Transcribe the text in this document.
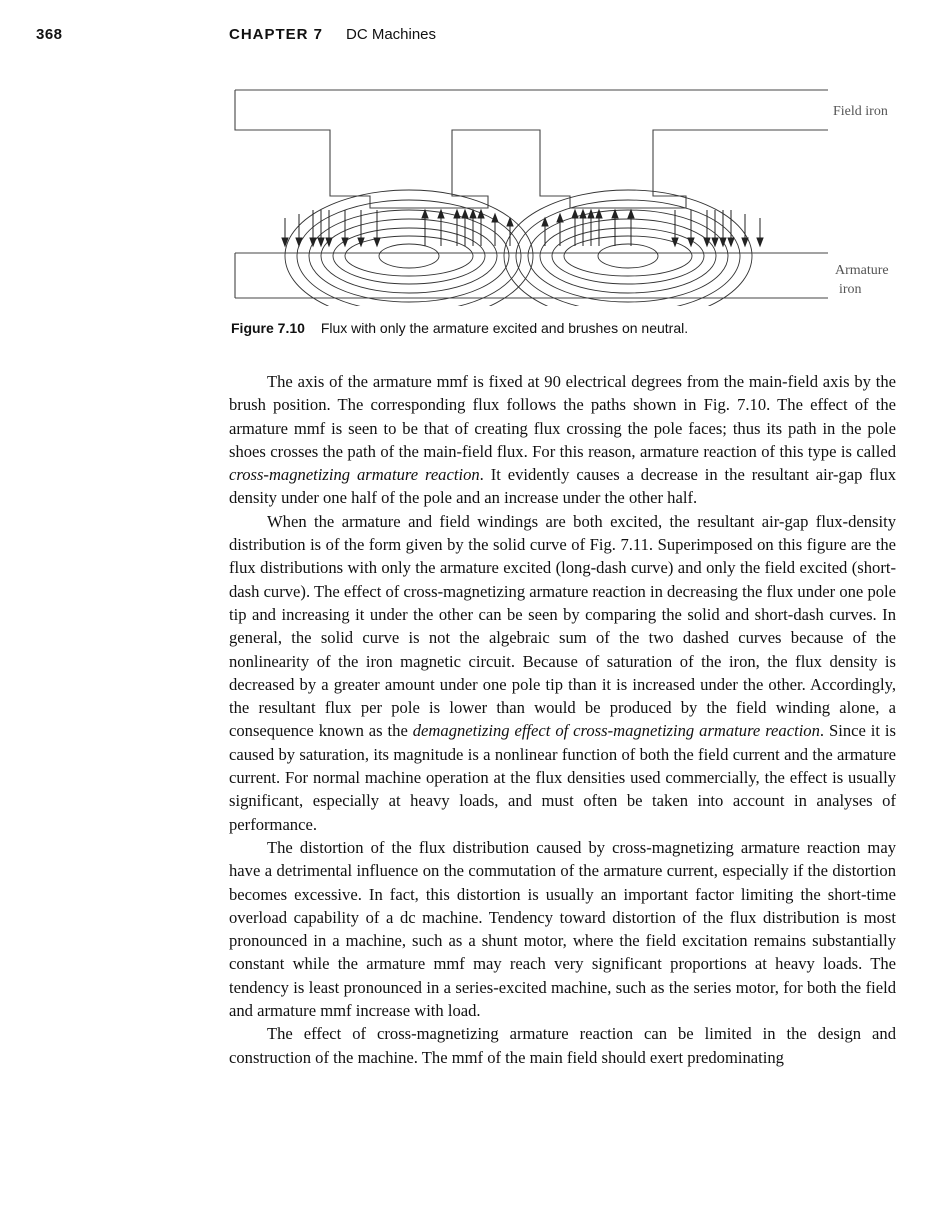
368	CHAPTER 7 DC Machines
Field iron
Armature
iron
Figure 7.10 Flux with only the armature excited and brushes on neutral.

The axis of the armature mmf is fixed at 90 electrical degrees from the main-field axis by the brush position. The corresponding flux follows the paths shown in Fig. 7.10. The effect of the armature mmf is seen to be that of creating flux crossing the pole faces; thus its path in the pole shoes crosses the path of the main-field flux. For this reason, armature reaction of this type is called cross-magnetizing armature reaction. It evidently causes a decrease in the resultant air-gap flux density under one half of the pole and an increase under the other half.

When the armature and field windings are both excited, the resultant air-gap flux-density distribution is of the form given by the solid curve of Fig. 7.11. Superimposed on this figure are the flux distributions with only the armature excited (long-dash curve) and only the field excited (short-dash curve). The effect of cross-magnetizing armature reaction in decreasing the flux under one pole tip and increasing it under the other can be seen by comparing the solid and short-dash curves. In general, the solid curve is not the algebraic sum of the two dashed curves because of the nonlinearity of the iron magnetic circuit. Because of saturation of the iron, the flux density is decreased by a greater amount under one pole tip than it is increased under the other. Accordingly, the resultant flux per pole is lower than would be produced by the field winding alone, a consequence known as the demagnetizing effect of cross-magnetizing armature reaction. Since it is caused by saturation, its magnitude is a nonlinear function of both the field current and the armature current. For normal machine operation at the flux densities used commercially, the effect is usually significant, especially at heavy loads, and must often be taken into account in analyses of performance.

The distortion of the flux distribution caused by cross-magnetizing armature reaction may have a detrimental influence on the commutation of the armature current, especially if the distortion becomes excessive. In fact, this distortion is usually an important factor limiting the short-time overload capability of a dc machine. Tendency toward distortion of the flux distribution is most pronounced in a machine, such as a shunt motor, where the field excitation remains substantially constant while the armature mmf may reach very significant proportions at heavy loads. The tendency is least pronounced in a series-excited machine, such as the series motor, for both the field and armature mmf increase with load.

The effect of cross-magnetizing armature reaction can be limited in the design and construction of the machine. The mmf of the main field should exert predominating
